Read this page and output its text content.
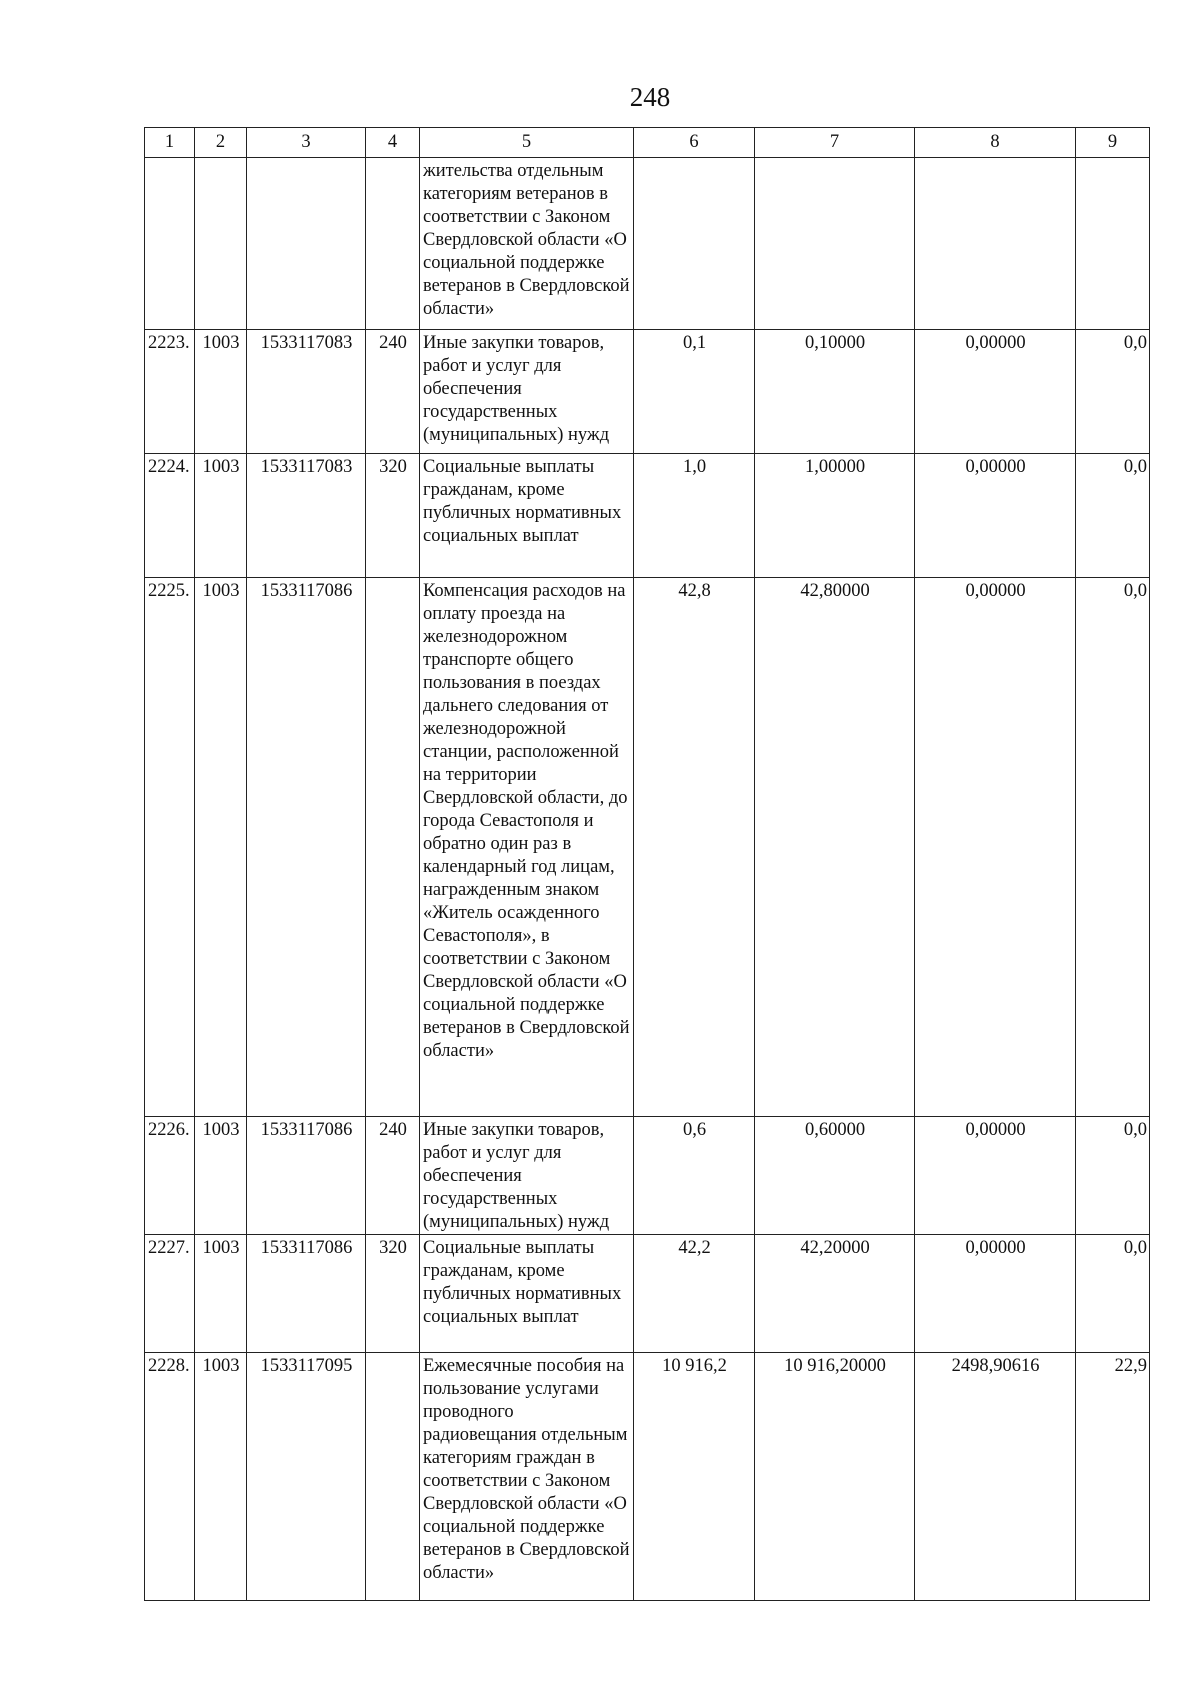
248
1	2	3	4	5	6	7	8	9
				жительства отдельным категориям ветеранов в соответствии с Законом Свердловской области «О социальной поддержке ветеранов в Свердловской области»				
2223.	1003	1533117083	240	Иные закупки товаров, работ и услуг для обеспечения государственных (муниципальных) нужд	0,1	0,10000	0,00000	0,0
2224.	1003	1533117083	320	Социальные выплаты гражданам, кроме публичных нормативных социальных выплат	1,0	1,00000	0,00000	0,0
2225.	1003	1533117086		Компенсация расходов на оплату проезда на железнодорожном транспорте общего пользования в поездах дальнего следования от железнодорожной станции, расположенной на территории Свердловской области, до города Севастополя и обратно один раз в календарный год лицам, награжденным знаком «Житель осажденного Севастополя», в соответствии с Законом Свердловской области «О социальной поддержке ветеранов в Свердловской области»	42,8	42,80000	0,00000	0,0
2226.	1003	1533117086	240	Иные закупки товаров, работ и услуг для обеспечения государственных (муниципальных) нужд	0,6	0,60000	0,00000	0,0
2227.	1003	1533117086	320	Социальные выплаты гражданам, кроме публичных нормативных социальных выплат	42,2	42,20000	0,00000	0,0
2228.	1003	1533117095		Ежемесячные пособия на пользование услугами проводного радиовещания отдельным категориям граждан в соответствии с Законом Свердловской области «О социальной поддержке ветеранов в Свердловской области»	10 916,2	10 916,20000	2498,90616	22,9
